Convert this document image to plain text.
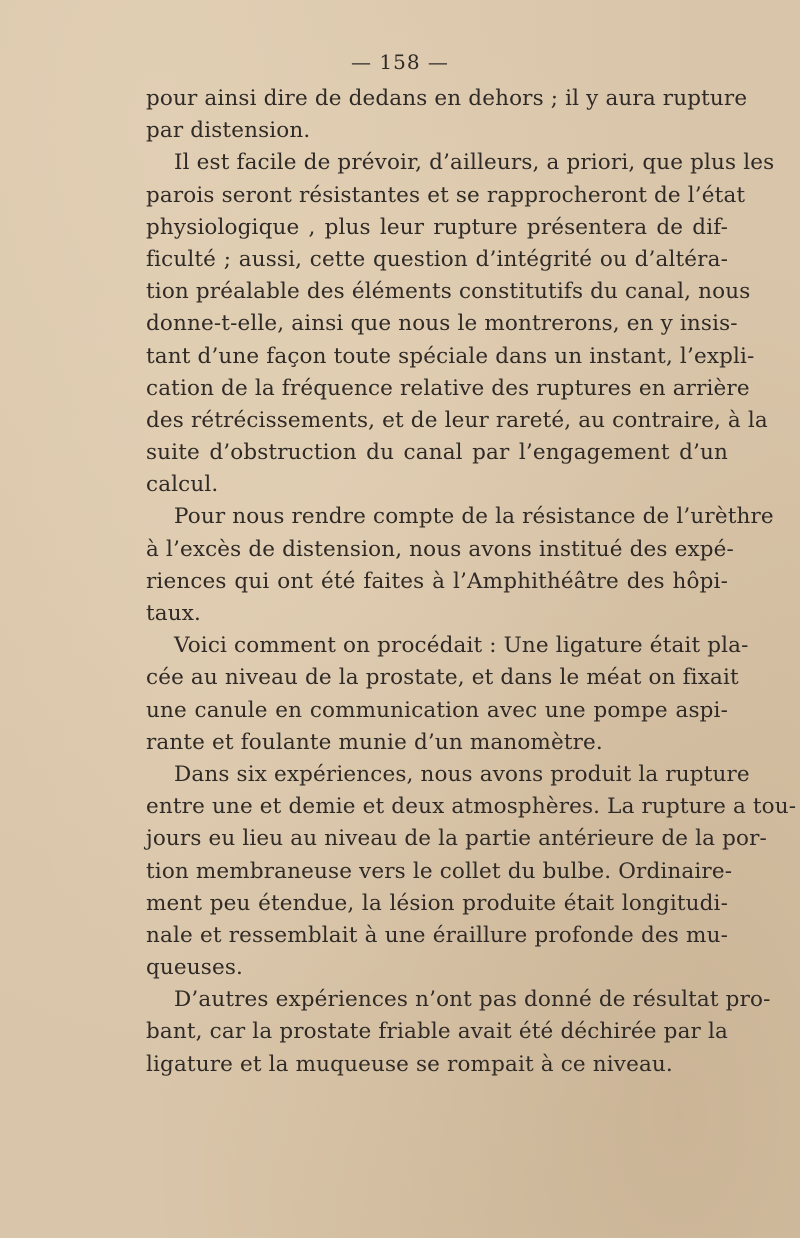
— 158 —
pour ainsi dire de dedans en dehors ; il y aura rupture
par distension.
Il est facile de prévoir, d’ailleurs, a priori, que plus les
parois seront résistantes et se rapprocheront de l’état
physiologique , plus leur rupture présentera de dif-
ficulté ; aussi, cette question d’intégrité ou d’altéra-
tion préalable des éléments constitutifs du canal, nous
donne-t-elle, ainsi que nous le montrerons, en y insis-
tant d’une façon toute spéciale dans un instant, l’expli-
cation de la fréquence relative des ruptures en arrière
des rétrécissements, et de leur rareté, au contraire, à la
suite d’obstruction du canal par l’engagement d’un
calcul.
Pour nous rendre compte de la résistance de l’urèthre
à l’excès de distension, nous avons institué des expé-
riences qui ont été faites à l’Amphithéâtre des hôpi-
taux.
Voici comment on procédait : Une ligature était pla-
cée au niveau de la prostate, et dans le méat on fixait
une canule en communication avec une pompe aspi-
rante et foulante munie d’un manomètre.
Dans six expériences, nous avons produit la rupture
entre une et demie et deux atmosphères. La rupture a tou-
jours eu lieu au niveau de la partie antérieure de la por-
tion membraneuse vers le collet du bulbe. Ordinaire-
ment peu étendue, la lésion produite était longitudi-
nale et ressemblait à une éraillure profonde des mu-
queuses.
D’autres expériences n’ont pas donné de résultat pro-
bant, car la prostate friable avait été déchirée par la
ligature et la muqueuse se rompait à ce niveau.
